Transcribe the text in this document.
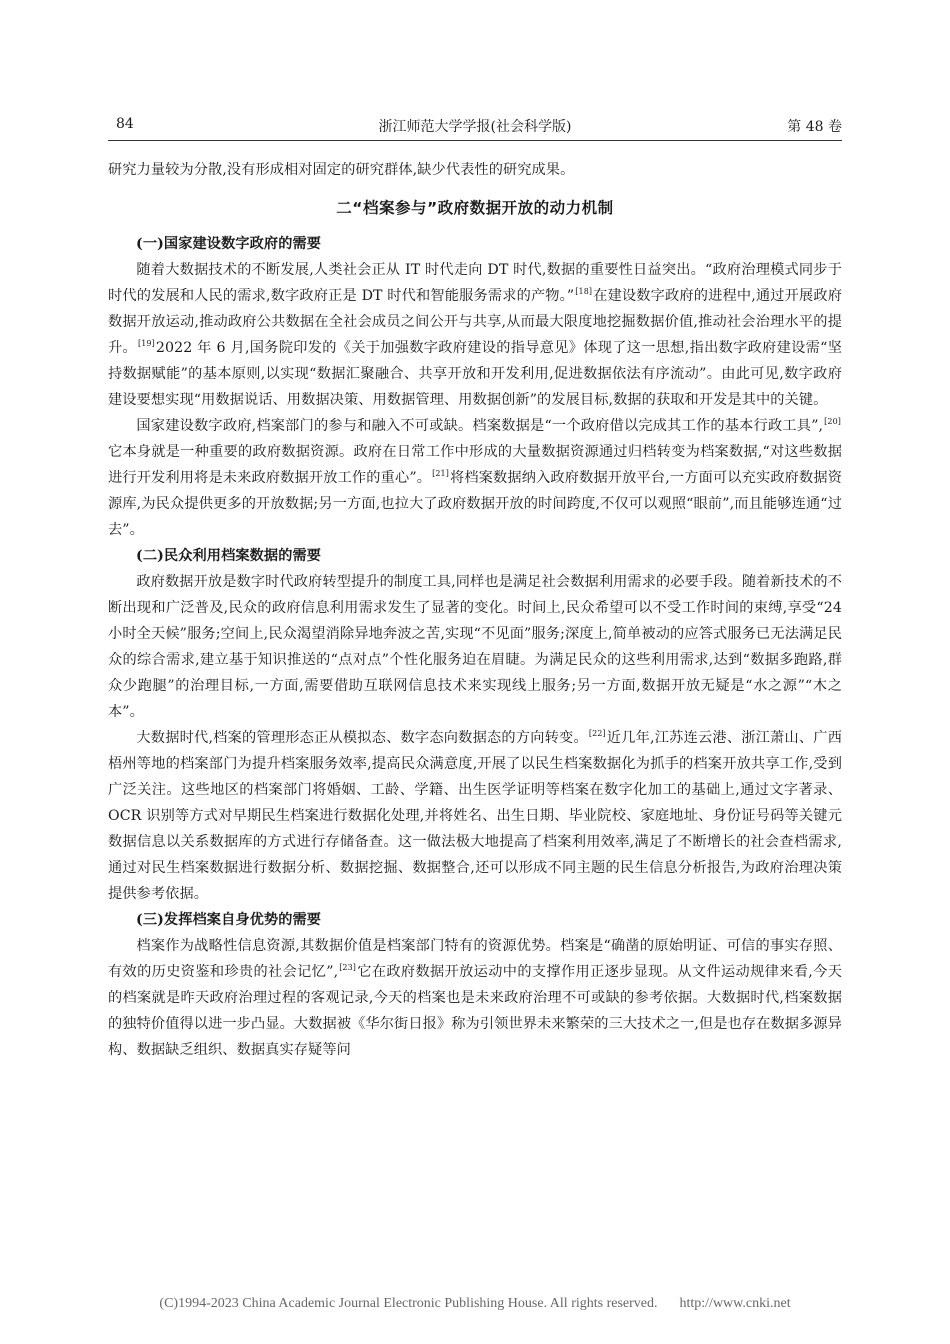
84	浙江师范大学学报(社会科学版)	第 48 卷

研究力量较为分散,没有形成相对固定的研究群体,缺少代表性的研究成果。

二“档案参与”政府数据开放的动力机制
(一)国家建设数字政府的需要

随着大数据技术的不断发展,人类社会正从 IT 时代走向 DT 时代,数据的重要性日益突出。“政府治理模式同步于时代的发展和人民的需求,数字政府正是 DT 时代和智能服务需求的产物。”[18]在建设数字政府的进程中,通过开展政府数据开放运动,推动政府公共数据在全社会成员之间公开与共享,从而最大限度地挖掘数据价值,推动社会治理水平的提升。[19]2022 年 6 月,国务院印发的《关于加强数字政府建设的指导意见》体现了这一思想,指出数字政府建设需“坚持数据赋能”的基本原则,以实现“数据汇聚融合、共享开放和开发利用,促进数据依法有序流动”。由此可见,数字政府建设要想实现“用数据说话、用数据决策、用数据管理、用数据创新”的发展目标,数据的获取和开发是其中的关键。

国家建设数字政府,档案部门的参与和融入不可或缺。档案数据是“一个政府借以完成其工作的基本行政工具”,[20]它本身就是一种重要的政府数据资源。政府在日常工作中形成的大量数据资源通过归档转变为档案数据,“对这些数据进行开发利用将是未来政府数据开放工作的重心”。[21]将档案数据纳入政府数据开放平台,一方面可以充实政府数据资源库,为民众提供更多的开放数据;另一方面,也拉大了政府数据开放的时间跨度,不仅可以观照“眼前”,而且能够连通“过去”。

(二)民众利用档案数据的需要

政府数据开放是数字时代政府转型提升的制度工具,同样也是满足社会数据利用需求的必要手段。随着新技术的不断出现和广泛普及,民众的政府信息利用需求发生了显著的变化。时间上,民众希望可以不受工作时间的束缚,享受“24 小时全天候”服务;空间上,民众渴望消除异地奔波之苦,实现“不见面”服务;深度上,简单被动的应答式服务已无法满足民众的综合需求,建立基于知识推送的“点对点”个性化服务迫在眉睫。为满足民众的这些利用需求,达到“数据多跑路,群众少跑腿”的治理目标,一方面,需要借助互联网信息技术来实现线上服务;另一方面,数据开放无疑是“水之源”“木之本”。

大数据时代,档案的管理形态正从模拟态、数字态向数据态的方向转变。[22]近几年,江苏连云港、浙江萧山、广西梧州等地的档案部门为提升档案服务效率,提高民众满意度,开展了以民生档案数据化为抓手的档案开放共享工作,受到广泛关注。这些地区的档案部门将婚姻、工龄、学籍、出生医学证明等档案在数字化加工的基础上,通过文字著录、OCR 识别等方式对早期民生档案进行数据化处理,并将姓名、出生日期、毕业院校、家庭地址、身份证号码等关键元数据信息以关系数据库的方式进行存储备查。这一做法极大地提高了档案利用效率,满足了不断增长的社会查档需求,通过对民生档案数据进行数据分析、数据挖掘、数据整合,还可以形成不同主题的民生信息分析报告,为政府治理决策提供参考依据。

(三)发挥档案自身优势的需要

档案作为战略性信息资源,其数据价值是档案部门特有的资源优势。档案是“确凿的原始明证、可信的事实存照、有效的历史资鉴和珍贵的社会记忆”,[23]它在政府数据开放运动中的支撑作用正逐步显现。从文件运动规律来看,今天的档案就是昨天政府治理过程的客观记录,今天的档案也是未来政府治理不可或缺的参考依据。大数据时代,档案数据的独特价值得以进一步凸显。大数据被《华尔街日报》称为引领世界未来繁荣的三大技术之一,但是也存在数据多源异构、数据缺乏组织、数据真实存疑等问

(C)1994-2023 China Academic Journal Electronic Publishing House. All rights reserved. http://www.cnki.net
